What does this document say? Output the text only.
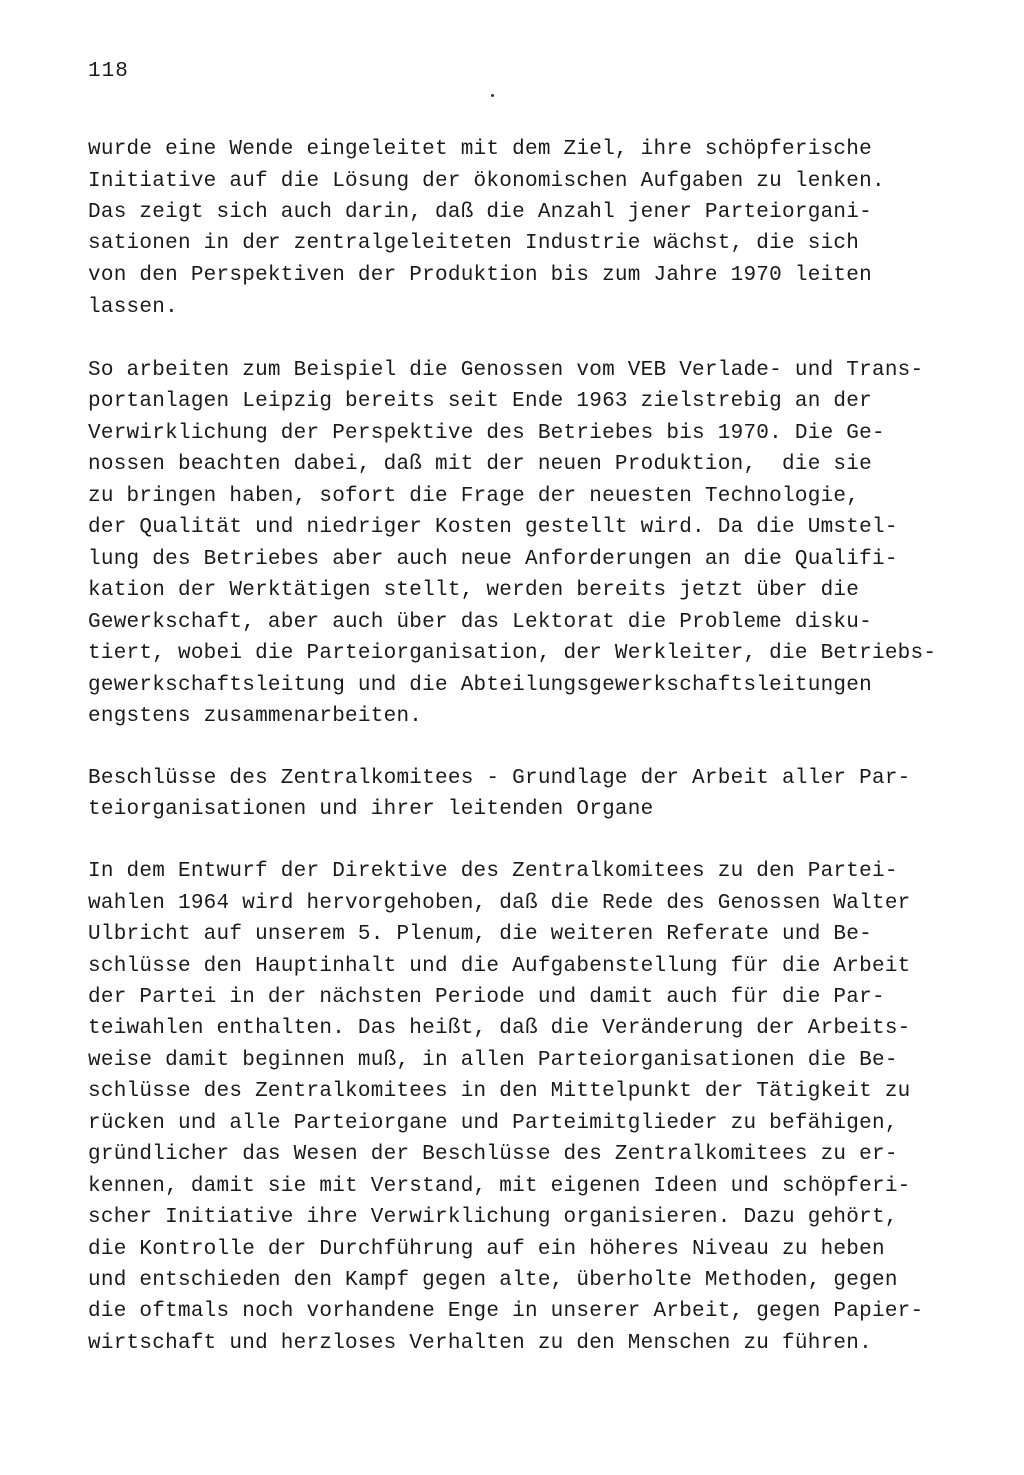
118

wurde eine Wende eingeleitet mit dem Ziel, ihre schöpferische

Initiative auf die Lösung der ökonomischen Aufgaben zu lenken.

Das zeigt sich auch darin, daß die Anzahl jener Parteiorgani-

sationen in der zentralgeleiteten Industrie wächst, die sich

von den Perspektiven der Produktion bis zum Jahre 1970 leiten

lassen.

So arbeiten zum Beispiel die Genossen vom VEB Verlade- und Trans-

portanlagen Leipzig bereits seit Ende 1963 zielstrebig an der

Verwirklichung der Perspektive des Betriebes bis 1970. Die Ge-

nossen beachten dabei, daß mit der neuen Produktion,  die sie

zu bringen haben, sofort die Frage der neuesten Technologie,

der Qualität und niedriger Kosten gestellt wird. Da die Umstel-

lung des Betriebes aber auch neue Anforderungen an die Qualifi-

kation der Werktätigen stellt, werden bereits jetzt über die

Gewerkschaft, aber auch über das Lektorat die Probleme disku-

tiert, wobei die Parteiorganisation, der Werkleiter, die Betriebs-

gewerkschaftsleitung und die Abteilungsgewerkschaftsleitungen

engstens zusammenarbeiten.

Beschlüsse des Zentralkomitees - Grundlage der Arbeit aller Par-

teiorganisationen und ihrer leitenden Organe

In dem Entwurf der Direktive des Zentralkomitees zu den Partei-

wahlen 1964 wird hervorgehoben, daß die Rede des Genossen Walter

Ulbricht auf unserem 5. Plenum, die weiteren Referate und Be-

schlüsse den Hauptinhalt und die Aufgabenstellung für die Arbeit

der Partei in der nächsten Periode und damit auch für die Par-

teiwahlen enthalten. Das heißt, daß die Veränderung der Arbeits-

weise damit beginnen muß, in allen Parteiorganisationen die Be-

schlüsse des Zentralkomitees in den Mittelpunkt der Tätigkeit zu

rücken und alle Parteiorgane und Parteimitglieder zu befähigen,

gründlicher das Wesen der Beschlüsse des Zentralkomitees zu er-

kennen, damit sie mit Verstand, mit eigenen Ideen und schöpferi-

scher Initiative ihre Verwirklichung organisieren. Dazu gehört,

die Kontrolle der Durchführung auf ein höheres Niveau zu heben

und entschieden den Kampf gegen alte, überholte Methoden, gegen

die oftmals noch vorhandene Enge in unserer Arbeit, gegen Papier-

wirtschaft und herzloses Verhalten zu den Menschen zu führen.
